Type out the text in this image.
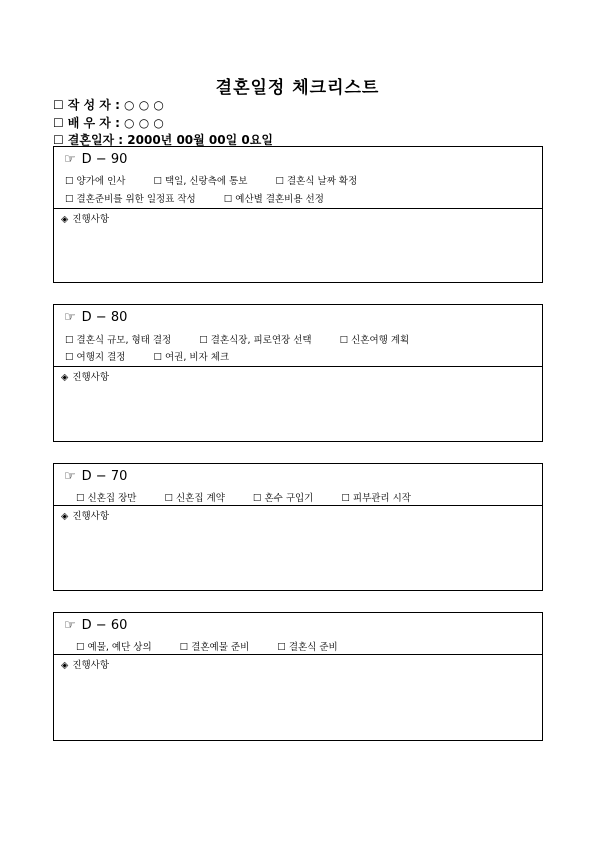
결혼일정 체크리스트
☐ 작 성 자 : ○ ○ ○
☐ 배 우 자 : ○ ○ ○
☐ 결혼일자 : 2000년 00월 00일 0요일
☞ D − 90
☐ 양가에 인사	☐ 택일, 신랑측에 통보	☐ 결혼식 날짜 확정
☐ 결혼준비를 위한 일정표 작성	☐ 예산별 결혼비용 선정
◈ 진행사항
☞ D − 80
☐ 결혼식 규모, 형태 결정	☐ 결혼식장, 피로연장 선택	☐ 신혼여행 계획
☐ 여행지 결정	☐ 여권, 비자 체크
◈ 진행사항
☞ D − 70
☐ 신혼집 장만	☐ 신혼집 계약	☐ 혼수 구입기	☐ 피부관리 시작
◈ 진행사항
☞ D − 60
☐ 예물, 예단 상의	☐ 결혼예물 준비	☐ 결혼식 준비
◈ 진행사항
